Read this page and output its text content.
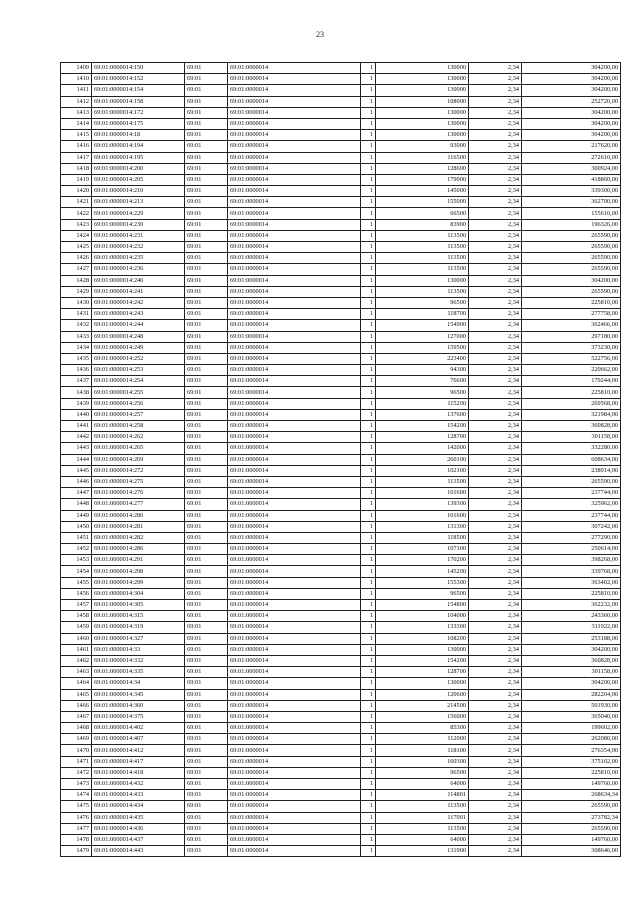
23
1409	69:01:0000014:150	69:01	69:01:0000014	1	130000	2,34	304200,00
1410	69:01:0000014:152	69:01	69:01:0000014	1	130000	2,34	304200,00
1411	69:01:0000014:154	69:01	69:01:0000014	1	130000	2,34	304200,00
1412	69:01:0000014:158	69:01	69:01:0000014	1	108000	2,34	252720,00
1413	69:01:0000014:172	69:01	69:01:0000014	1	130000	2,34	304200,00
1414	69:01:0000014:175	69:01	69:01:0000014	1	130000	2,34	304200,00
1415	69:01:0000014:18	69:01	69:01:0000014	1	130000	2,34	304200,00
1416	69:01:0000014:194	69:01	69:01:0000014	1	93000	2,34	217620,00
1417	69:01:0000014:195	69:01	69:01:0000014	1	116500	2,34	272610,00
1418	69:01:0000014:200	69:01	69:01:0000014	1	128600	2,34	300924,00
1419	69:01:0000014:205	69:01	69:01:0000014	1	179000	2,34	418860,00
1420	69:01:0000014:210	69:01	69:01:0000014	1	145000	2,34	339300,00
1421	69:01:0000014:213	69:01	69:01:0000014	1	155000	2,34	362700,00
1422	69:01:0000014:229	69:01	69:01:0000014	1	66500	2,34	155610,00
1423	69:01:0000014:230	69:01	69:01:0000014	1	83900	2,34	196326,00
1424	69:01:0000014:231	69:01	69:01:0000014	1	113500	2,34	265590,00
1425	69:01:0000014:232	69:01	69:01:0000014	1	113500	2,34	265590,00
1426	69:01:0000014:235	69:01	69:01:0000014	1	113500	2,34	265590,00
1427	69:01:0000014:236	69:01	69:01:0000014	1	113500	2,34	265590,00
1428	69:01:0000014:240	69:01	69:01:0000014	1	130000	2,34	304200,00
1429	69:01:0000014:241	69:01	69:01:0000014	1	113500	2,34	265590,00
1430	69:01:0000014:242	69:01	69:01:0000014	1	96500	2,34	225810,00
1431	69:01:0000014:243	69:01	69:01:0000014	1	118700	2,34	277758,00
1432	69:01:0000014:244	69:01	69:01:0000014	1	154900	2,34	362466,00
1433	69:01:0000014:248	69:01	69:01:0000014	1	127000	2,34	297180,00
1434	69:01:0000014:249	69:01	69:01:0000014	1	159500	2,34	373230,00
1435	69:01:0000014:252	69:01	69:01:0000014	1	223400	2,34	522756,00
1436	69:01:0000014:253	69:01	69:01:0000014	1	94300	2,34	220662,00
1437	69:01:0000014:254	69:01	69:01:0000014	1	76600	2,34	179244,00
1438	69:01:0000014:255	69:01	69:01:0000014	1	96500	2,34	225810,00
1439	69:01:0000014:256	69:01	69:01:0000014	1	115200	2,34	269568,00
1440	69:01:0000014:257	69:01	69:01:0000014	1	137600	2,34	321984,00
1441	69:01:0000014:258	69:01	69:01:0000014	1	154200	2,34	360828,00
1442	69:01:0000014:262	69:01	69:01:0000014	1	128700	2,34	301158,00
1443	69:01:0000014:265	69:01	69:01:0000014	1	142000	2,34	332280,00
1444	69:01:0000014:269	69:01	69:01:0000014	1	260100	2,34	608634,00
1445	69:01:0000014:272	69:01	69:01:0000014	1	102100	2,34	238914,00
1446	69:01:0000014:275	69:01	69:01:0000014	1	113500	2,34	265590,00
1447	69:01:0000014:276	69:01	69:01:0000014	1	101600	2,34	237744,00
1448	69:01:0000014:277	69:01	69:01:0000014	1	139300	2,34	325962,00
1449	69:01:0000014:280	69:01	69:01:0000014	1	101600	2,34	237744,00
1450	69:01:0000014:281	69:01	69:01:0000014	1	131300	2,34	307242,00
1451	69:01:0000014:282	69:01	69:01:0000014	1	118500	2,34	277290,00
1452	69:01:0000014:286	69:01	69:01:0000014	1	107100	2,34	250614,00
1453	69:01:0000014:291	69:01	69:01:0000014	1	170200	2,34	398268,00
1454	69:01:0000014:298	69:01	69:01:0000014	1	145200	2,34	339768,00
1455	69:01:0000014:299	69:01	69:01:0000014	1	155300	2,34	363402,00
1456	69:01:0000014:304	69:01	69:01:0000014	1	96500	2,34	225810,00
1457	69:01:0000014:305	69:01	69:01:0000014	1	154800	2,34	362232,00
1458	69:01:0000014:315	69:01	69:01:0000014	1	104000	2,34	243360,00
1459	69:01:0000014:319	69:01	69:01:0000014	1	133300	2,34	311922,00
1460	69:01:0000014:327	69:01	69:01:0000014	1	108200	2,34	253188,00
1461	69:01:0000014:33	69:01	69:01:0000014	1	130000	2,34	304200,00
1462	69:01:0000014:332	69:01	69:01:0000014	1	154200	2,34	360828,00
1463	69:01:0000014:335	69:01	69:01:0000014	1	128700	2,34	301158,00
1464	69:01:0000014:34	69:01	69:01:0000014	1	130000	2,34	304200,00
1465	69:01:0000014:345	69:01	69:01:0000014	1	120600	2,34	282204,00
1466	69:01:0000014:360	69:01	69:01:0000014	1	214500	2,34	501930,00
1467	69:01:0000014:375	69:01	69:01:0000014	1	156000	2,34	365040,00
1468	69:01:0000014:402	69:01	69:01:0000014	1	85300	2,34	199602,00
1469	69:01:0000014:407	69:01	69:01:0000014	1	112000	2,34	262080,00
1470	69:01:0000014:412	69:01	69:01:0000014	1	118100	2,34	276354,00
1471	69:01:0000014:417	69:01	69:01:0000014	1	160300	2,34	375102,00
1472	69:01:0000014:418	69:01	69:01:0000014	1	96500	2,34	225810,00
1473	69:01:0000014:432	69:01	69:01:0000014	1	64000	2,34	149760,00
1474	69:01:0000014:433	69:01	69:01:0000014	1	114801	2,34	268634,34
1475	69:01:0000014:434	69:01	69:01:0000014	1	113500	2,34	265590,00
1476	69:01:0000014:435	69:01	69:01:0000014	1	117001	2,34	273782,34
1477	69:01:0000014:436	69:01	69:01:0000014	1	113500	2,34	265590,00
1478	69:01:0000014:437	69:01	69:01:0000014	1	64000	2,34	149760,00
1479	69:01:0000014:443	69:01	69:01:0000014	1	131900	2,34	308646,00
